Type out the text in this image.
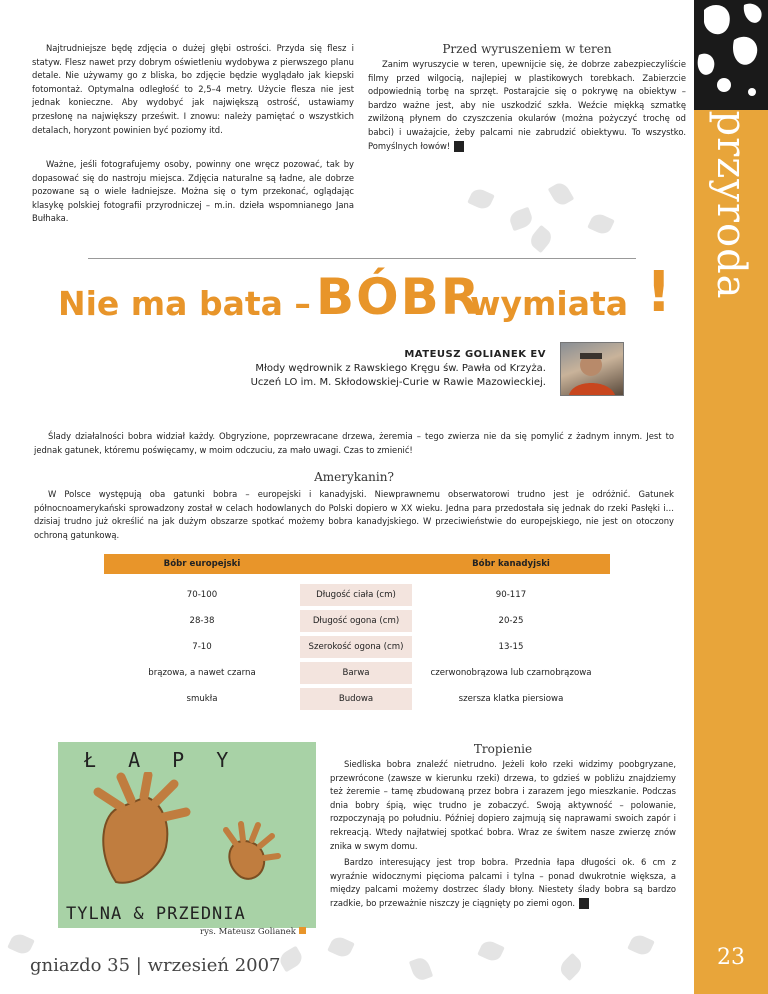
przyroda
23
Najtrudniejsze będę zdjęcia o dużej głębi ostrości. Przyda się flesz i statyw. Flesz nawet przy dobrym oświetleniu wydobywa z pierwszego planu detale. Nie używamy go z bliska, bo zdjęcie będzie wyglądało jak kiepski fotomontaż. Optymalna odległość to 2,5–4 metry. Użycie flesza nie jest jednak konieczne. Aby wydobyć jak największą ostrość, ustawiamy przesłonę na największy prześwit. I znowu: należy pamiętać o wszystkich detalach, horyzont powinien być poziomy itd.
Ważne, jeśli fotografujemy osoby, powinny one wręcz pozować, tak by dopasować się do nastroju miejsca. Zdjęcia naturalne są ładne, ale dobrze pozowane są o wiele ładniejsze. Można się o tym przekonać, oglądając klasykę polskiej fotografii przyrodniczej – m.in. dzieła wspomnianego Jana Bułhaka.
Przed wyruszeniem w teren
Zanim wyruszycie w teren, upewnijcie się, że dobrze zabezpieczyliście filmy przed wilgocią, najlepiej w plastikowych torebkach. Zabierzcie odpowiednią torbę na sprzęt. Postarajcie się o pokrywę na obiektyw – bardzo ważne jest, aby nie uszkodzić szkła. Weźcie miękką szmatkę zwilżoną płynem do czyszczenia okularów (można pożyczyć trochę od babci) i uważajcie, żeby palcami nie zabrudzić obiektywu. To wszystko. Pomyślnych łowów!
Nie ma bata – BÓBR
wymiata !
MATEUSZ GOLIANEK EV
Młody wędrownik z Rawskiego Kręgu św. Pawła od Krzyża.
Uczeń LO im. M. Skłodowskiej-Curie w Rawie Mazowieckiej.
Ślady działalności bobra widział każdy. Obgryzione, poprzewracane drzewa, żeremia – tego zwierza nie da się pomylić z żadnym innym. Jest to jednak gatunek, któremu poświęcamy, w moim odczuciu, za mało uwagi. Czas to zmienić!
Amerykanin?
W Polsce występują oba gatunki bobra – europejski i kanadyjski. Niewprawnemu obserwatorowi trudno jest je odróżnić. Gatunek północnoamerykański sprowadzony został w celach hodowlanych do Polski dopiero w XX wieku. Jedna para przedostała się jednak do rzeki Pasłęki i… dzisiaj trudno już określić na jak dużym obszarze spotkać możemy bobra kanadyjskiego. W przeciwieństwie do europejskiego, nie jest on otoczony ochroną gatunkową.
Bóbr europejski		Bóbr kanadyjski

70-100	Długość ciała (cm)	90-117
28-38	Długość ogona (cm)	20-25
7-10	Szerokość ogona (cm)	13-15
brązowa, a nawet czarna	Barwa	czerwonobrązowa lub czarnobrązowa
smukła	Budowa	szersza klatka piersiowa
Ł A P Y
TYLNA & PRZEDNIA
rys. Mateusz Golianek
Tropienie
Siedliska bobra znaleźć nietrudno. Jeżeli koło rzeki widzimy poobgryzane, przewrócone (zawsze w kierunku rzeki) drzewa, to gdzieś w pobliżu znajdziemy też żeremie – tamę zbudowaną przez bobra i zarazem jego mieszkanie. Podczas dnia bobry śpią, więc trudno je zobaczyć. Swoją aktywność – polowanie, rozpoczynają po południu. Później dopiero zajmują się naprawami swoich zapór i rekreacją. Wtedy najłatwiej spotkać bobra. Wraz ze świtem nasze zwierzę znów znika w swym domu.
Bardzo interesujący jest trop bobra. Przednia łapa długości ok. 6 cm z wyraźnie widocznymi pięcioma palcami i tylna – ponad dwukrotnie większa, a między palcami możemy dostrzec ślady błony. Niestety ślady bobra są bardzo rzadkie, bo przeważnie niszczy je ciągnięty po ziemi ogon.
gniazdo 35 | wrzesień 2007
